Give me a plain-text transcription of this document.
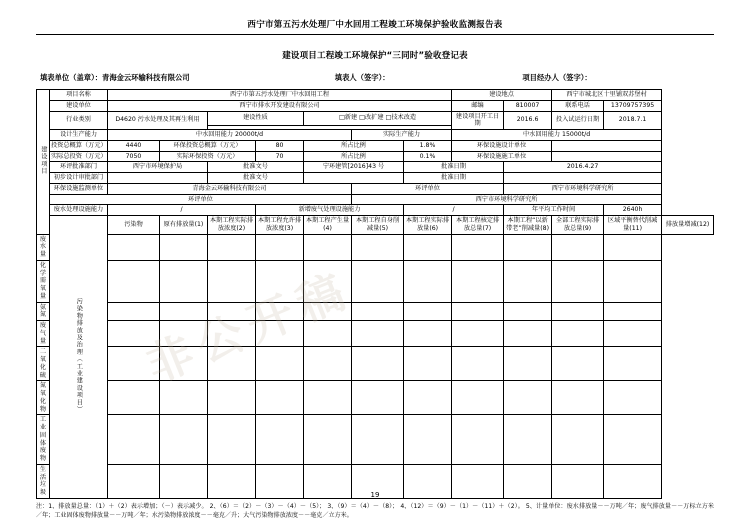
西宁市第五污水处理厂中水回用工程竣工环境保护验收监测报告表
建设项目工程竣工环境保护“三同时”验收登记表
填表单位（盖章）：青海金云环输科技有限公司	填表人（签字）：	项目经办人（签字）：
建设项目	项目名称	西宁市第五污水处理厂中水回用工程							建设地点		西宁市城北区十里铺双苏堡村		
	建设单位	西宁市排水开发建设有限公司							邮编	810007	联系电话	13709757395	
	行业类别	D4620 污水处理及其再生利用		建设性质		□新建 □改扩建 □技术改造			建设项目开工日期	2016.6	投入试运行日期	2018.7.1	

	设计生产能力	中水回用能力 20000t/d					实际生产能力		中水回用能力 15000t/d				
	投资总概算（万元）	4440	环保投资总概算（万元）		80	所占比例		1.8%	环保设施设计单位				
	实际总投资（万元）	7050	实际环保投资（万元）		70	所占比例		0.1%	环保设施施工单位				
	环评批准部门	西宁市环境保护局		批准文号		宁环建管[2016]43 号		批准日期		2016.4.27			
	初步设计审批部门			批准文号				批准日期					
	环保设施监测单位	青海金云环输科技有限公司					环评单位			西宁市环境科学研究所			
	环评单位						西宁市环境科学研究所						
	废水处理设施能力	/			新增废气处理设施能力			/		年平均工作时间		2640h	
	污染物排放及治理（工业建设项目）	污染物	原有排放量(1)	本期工程实际排放浓度(2)	本期工程允许排放浓度(3)	本期工程产生量(4)	本期工程自身削减量(5)	本期工程实际排放量(6)	本期工程核定排放总量(7)	本期工程“以新带老”削减量(8)	全部工程实际排放总量(9)	区域平衡替代削减量(11)	排放量增减(12)
废水量													
化学需氧量													
氨氮													
废气量													
二氧化硫													
氮氧化物													
工业固体废物													
生活垃圾													
注：1、排放量总量：（1）＋（2）表示增加；（－）表示减少。 2、（6）＝（2）－（3）－（4）－（5）； 3、（9）＝（4）－（8）； 4、（12）＝（9）－（1）－（11）＋（2）。 5、计量单位：废水排放量－－万吨／年；废气排放量－－万标立方米／年；工业固体废物排放量－－万吨／年；水污染物排放浓度－－毫克／升；大气污染物排放浓度－－毫克／立方米。
非公开稿
19
